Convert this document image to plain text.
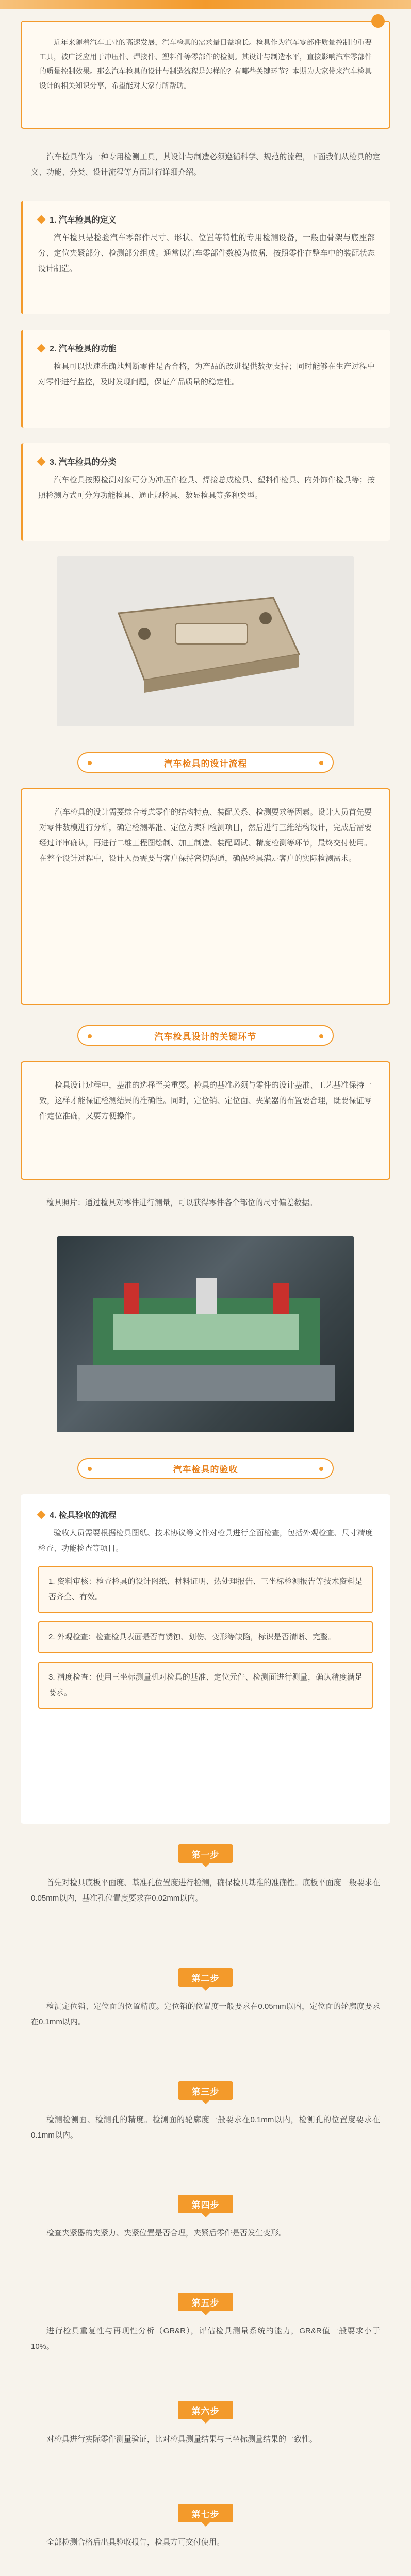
近年来随着汽车工业的高速发展，汽车检具的需求量日益增长。检具作为汽车零部件质量控制的重要工具，被广泛应用于冲压件、焊接件、塑料件等零部件的检测。其设计与制造水平，直接影响汽车零部件的质量控制效果。那么汽车检具的设计与制造流程是怎样的？有哪些关键环节？本期为大家带来汽车检具设计的相关知识分享，希望能对大家有所帮助。

汽车检具作为一种专用检测工具，其设计与制造必须遵循科学、规范的流程，下面我们从检具的定义、功能、分类、设计流程等方面进行详细介绍。

1. 汽车检具的定义

汽车检具是检验汽车零部件尺寸、形状、位置等特性的专用检测设备，一般由骨架与底座部分、定位夹紧部分、检测部分组成。通常以汽车零部件数模为依据，按照零件在整车中的装配状态设计制造。

2. 汽车检具的功能

检具可以快速准确地判断零件是否合格，为产品的改进提供数据支持；同时能够在生产过程中对零件进行监控，及时发现问题，保证产品质量的稳定性。

3. 汽车检具的分类

汽车检具按照检测对象可分为冲压件检具、焊接总成检具、塑料件检具、内外饰件检具等；按照检测方式可分为功能检具、通止规检具、数显检具等多种类型。

汽车检具的设计流程

汽车检具的设计需要综合考虑零件的结构特点、装配关系、检测要求等因素。设计人员首先要对零件数模进行分析，确定检测基准、定位方案和检测项目，然后进行三维结构设计，完成后需要经过评审确认，再进行二维工程图绘制、加工制造、装配调试、精度检测等环节，最终交付使用。在整个设计过程中，设计人员需要与客户保持密切沟通，确保检具满足客户的实际检测需求。

汽车检具设计的关键环节

检具设计过程中，基准的选择至关重要。检具的基准必须与零件的设计基准、工艺基准保持一致，这样才能保证检测结果的准确性。同时，定位销、定位面、夹紧器的布置要合理，既要保证零件定位准确，又要方便操作。

检具照片：通过检具对零件进行测量，可以获得零件各个部位的尺寸偏差数据。

汽车检具的验收
4. 检具验收的流程

验收人员需要根据检具图纸、技术协议等文件对检具进行全面检查，包括外观检查、尺寸精度检查、功能检查等项目。

1. 资料审核：检查检具的设计图纸、材料证明、热处理报告、三坐标检测报告等技术资料是否齐全、有效。

2. 外观检查：检查检具表面是否有锈蚀、划伤、变形等缺陷，标识是否清晰、完整。

3. 精度检查：使用三坐标测量机对检具的基准、定位元件、检测面进行测量，确认精度满足要求。

第一步

首先对检具底板平面度、基准孔位置度进行检测，确保检具基准的准确性。底板平面度一般要求在0.05mm以内，基准孔位置度要求在0.02mm以内。

第二步

检测定位销、定位面的位置精度。定位销的位置度一般要求在0.05mm以内，定位面的轮廓度要求在0.1mm以内。

第三步

检测检测面、检测孔的精度。检测面的轮廓度一般要求在0.1mm以内，检测孔的位置度要求在0.1mm以内。

第四步

检查夹紧器的夹紧力、夹紧位置是否合理，夹紧后零件是否发生变形。

第五步

进行检具重复性与再现性分析（GR&R），评估检具测量系统的能力，GR&R值一般要求小于10%。

第六步

对检具进行实际零件测量验证，比对检具测量结果与三坐标测量结果的一致性。

第七步

全部检测合格后出具验收报告，检具方可交付使用。
